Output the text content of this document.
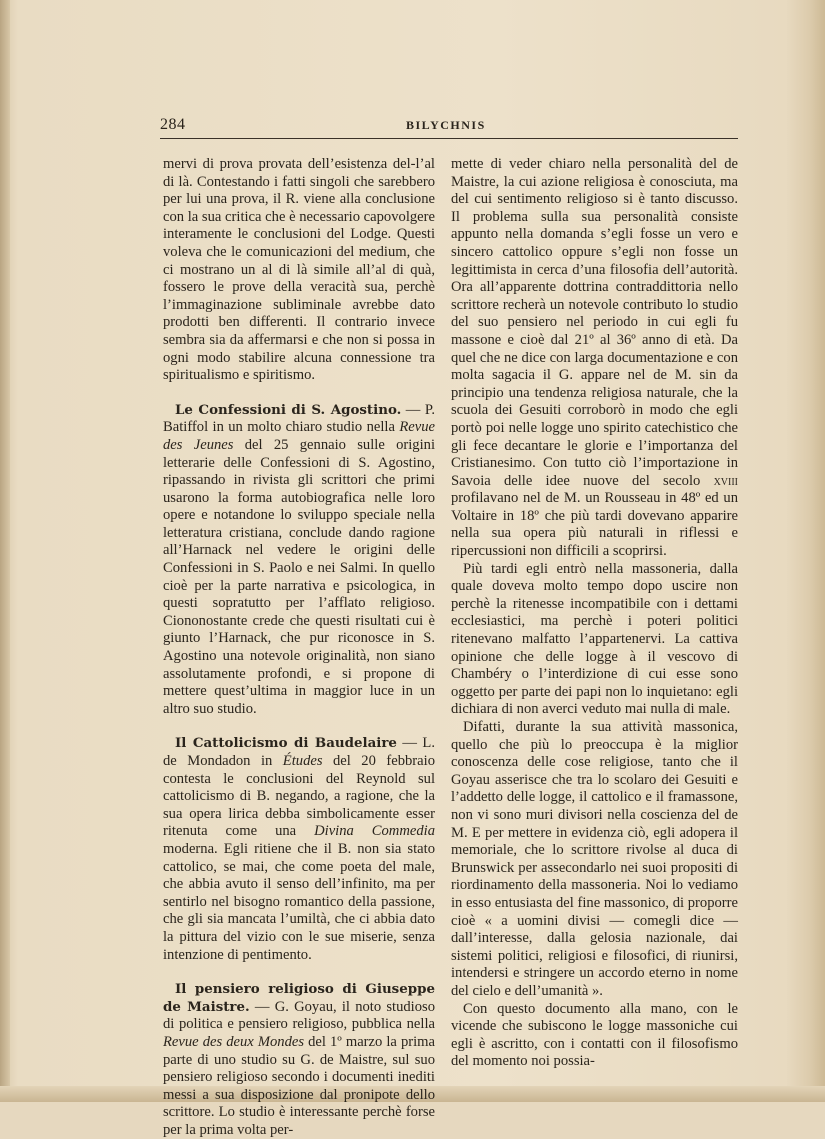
284	BILYCHNIS

mervi di prova provata dell’esistenza del-l’al di là. Contestando i fatti singoli che sarebbero per lui una prova, il R. viene alla conclusione con la sua critica che è necessario capovolgere interamente le conclusioni del Lodge. Questi voleva che le comunicazioni del medium, che ci mostrano un al di là simile all’al di quà, fossero le prove della veracità sua, perchè l’immaginazione subliminale avrebbe dato prodotti ben differenti. Il contrario invece sembra sia da affermarsi e che non si possa in ogni modo stabilire alcuna connessione tra spiritualismo e spiritismo.

Le Confessioni di S. Agostino. — P. Batiffol in un molto chiaro studio nella Revue des Jeunes del 25 gennaio sulle origini letterarie delle Confessioni di S. Agostino, ripassando in rivista gli scrittori che primi usarono la forma autobiografica nelle loro opere e notandone lo sviluppo speciale nella letteratura cristiana, conclude dando ragione all’Harnack nel vedere le origini delle Confessioni in S. Paolo e nei Salmi. In quello cioè per la parte narrativa e psicologica, in questi sopratutto per l’afflato religioso. Ciononostante crede che questi risultati cui è giunto l’Harnack, che pur riconosce in S. Agostino una notevole originalità, non siano assolutamente profondi, e si propone di mettere quest’ultima in maggior luce in un altro suo studio.

Il Cattolicismo di Baudelaire — L. de Mondadon in Études del 20 febbraio contesta le conclusioni del Reynold sul cattolicismo di B. negando, a ragione, che la sua opera lirica debba simbolicamente esser ritenuta come una Divina Commedia moderna. Egli ritiene che il B. non sia stato cattolico, se mai, che come poeta del male, che abbia avuto il senso dell’infinito, ma per sentirlo nel bisogno romantico della passione, che gli sia mancata l’umiltà, che ci abbia dato la pittura del vizio con le sue miserie, senza intenzione di pentimento.

Il pensiero religioso di Giuseppe de Maistre. — G. Goyau, il noto studioso di politica e pensiero religioso, pubblica nella Revue des deux Mondes del 1º marzo la prima parte di uno studio su G. de Maistre, sul suo pensiero religioso secondo i documenti inediti messi a sua disposizione dal pronipote dello scrittore. Lo studio è interessante perchè forse per la prima volta per-

mette di veder chiaro nella personalità del de Maistre, la cui azione religiosa è conosciuta, ma del cui sentimento religioso si è tanto discusso. Il problema sulla sua personalità consiste appunto nella domanda s’egli fosse un vero e sincero cattolico oppure s’egli non fosse un legittimista in cerca d’una filosofia dell’autorità. Ora all’apparente dottrina contraddittoria nello scrittore recherà un notevole contributo lo studio del suo pensiero nel periodo in cui egli fu massone e cioè dal 21º al 36º anno di età. Da quel che ne dice con larga documentazione e con molta sagacia il G. appare nel de M. sin da principio una tendenza religiosa naturale, che la scuola dei Gesuiti corroborò in modo che egli portò poi nelle logge uno spirito catechistico che gli fece decantare le glorie e l’importanza del Cristianesimo. Con tutto ciò l’importazione in Savoia delle idee nuove del secolo xviii profilavano nel de M. un Rousseau in 48º ed un Voltaire in 18º che più tardi dovevano apparire nella sua opera più naturali in riflessi e ripercussioni non difficili a scoprirsi.

Più tardi egli entrò nella massoneria, dalla quale doveva molto tempo dopo uscire non perchè la ritenesse incompatibile con i dettami ecclesiastici, ma perchè i poteri politici ritenevano malfatto l’appartenervi. La cattiva opinione che delle logge à il vescovo di Chambéry o l’interdizione di cui esse sono oggetto per parte dei papi non lo inquietano: egli dichiara di non averci veduto mai nulla di male.

Difatti, durante la sua attività massonica, quello che più lo preoccupa è la miglior conoscenza delle cose religiose, tanto che il Goyau asserisce che tra lo scolaro dei Gesuiti e l’addetto delle logge, il cattolico e il framassone, non vi sono muri divisori nella coscienza del de M. E per mettere in evidenza ciò, egli adopera il memoriale, che lo scrittore rivolse al duca di Brunswick per assecondarlo nei suoi propositi di riordinamento della massoneria. Noi lo vediamo in esso entusiasta del fine massonico, di proporre cioè « a uomini divisi — comegli dice — dall’interesse, dalla gelosia nazionale, dai sistemi politici, religiosi e filosofici, di riunirsi, intendersi e stringere un accordo eterno in nome del cielo e dell’umanità ».

Con questo documento alla mano, con le vicende che subiscono le logge massoniche cui egli è ascritto, con i contatti con il filosofismo del momento noi possia-
